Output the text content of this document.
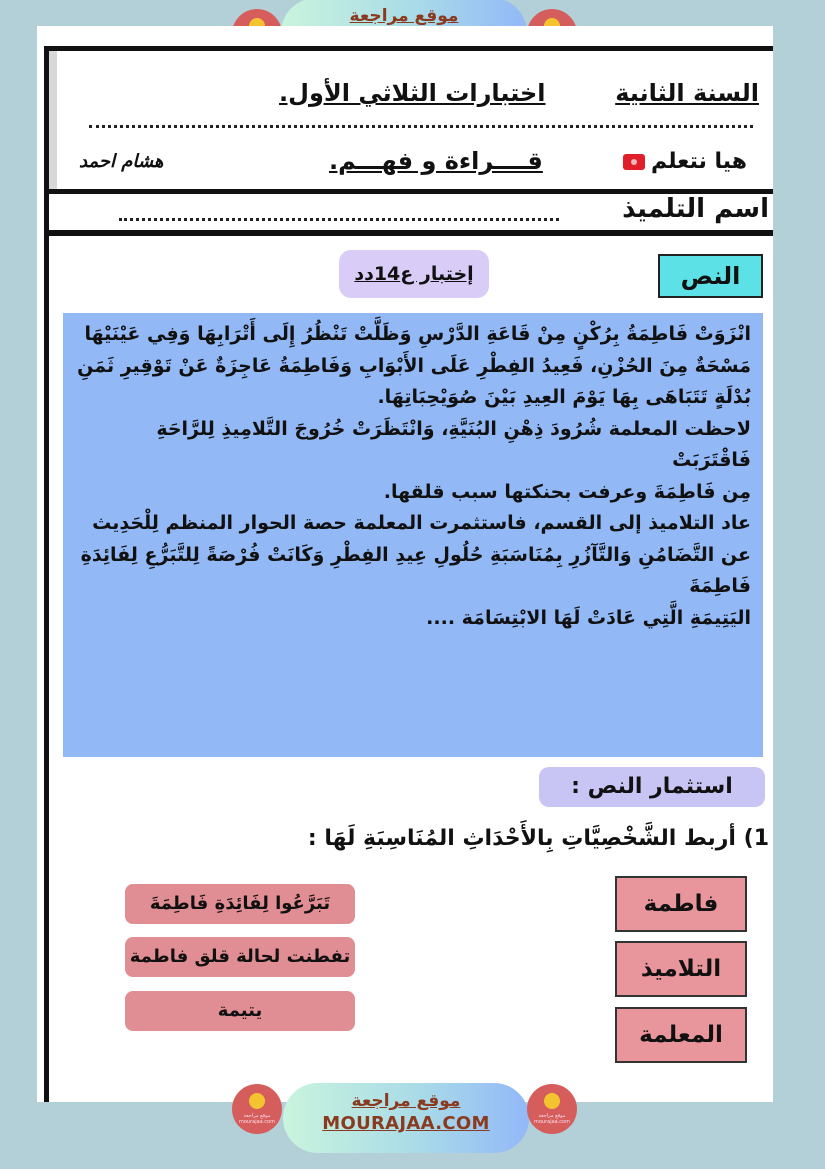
موقع مراجعة

السنة الثانية
اختبارات الثلاثي الأول.
هيا نتعلم
قــــراءة و فهـــم.
هشام احمد
اسم التلميذ
النص
إختبار ع14دد

انْزَوَتْ فَاطِمَةُ بِرُكْنٍ مِنْ قَاعَةِ الدَّرْسِ وَظَلَّتْ تَنْظُرُ إِلَى أَتْرَابِهَا وَفِي عَيْنَيْهَا مَسْحَةٌ مِنَ الحُزْنِ، فَعِيدُ الفِطْرِ عَلَى الأَبْوَابِ وَفَاطِمَةُ عَاجِزَةٌ عَنْ تَوْقِيرِ ثَمَنِ بُدْلَةٍ تَتَبَاهَى بِهَا يَوْمَ العِيدِ بَيْنَ صُوَيْحِبَاتِهَا.

لاحظت المعلمة شُرُودَ ذِهْنِ البُنَيَّةِ، وَانْتَظَرَتْ خُرُوجَ التَّلامِيذِ لِلرَّاحَةِ فَاقْتَرَبَتْ

مِن فَاطِمَةَ وعرفت بحنكتها سبب قلقها.

عاد التلاميذ إلى القسم، فاستثمرت المعلمة حصة الحوار المنظم لِلْحَدِيث عن التَّضَامُنِ وَالتَّآزُرِ بِمُنَاسَبَةِ حُلُولِ عِيدِ الفِطْرِ وَكَانَتْ فُرْصَةً لِلتَّبَرُّعِ لِفَائِدَةِ فَاطِمَةَ

اليَتِيمَةِ الَّتِي عَادَتْ لَهَا الابْتِسَامَة ....

استثمار النص :
1) أربط الشَّخْصِيَّاتِ بِالأَحْدَاثِ المُنَاسِبَةِ لَهَا :
فاطمة
التلاميذ
المعلمة
تَبَرَّعُوا لِفَائِدَةِ فَاطِمَةَ
تفطنت لحالة قلق فاطمة
يتيمة
موقع مراجعة
mourajaa.com
موقع مراجعة
MOURAJAA.COM	موقع مراجعة
mourajaa.com
